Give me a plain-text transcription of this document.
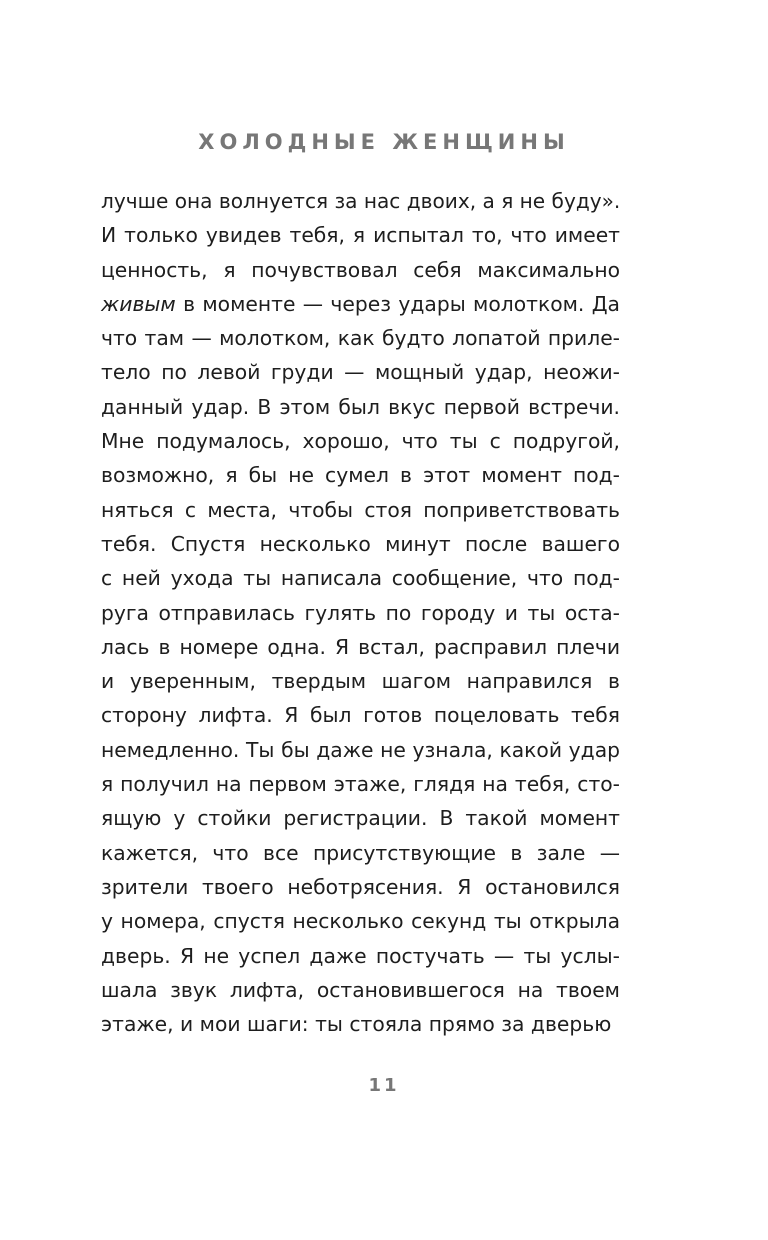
ХОЛОДНЫЕ ЖЕНЩИНЫ
лучше она волнуется за нас двоих, а я не буду».
И только увидев тебя, я испытал то, что имеет
ценность, я почувствовал себя максимально
живым в моменте — через удары молотком. Да
что там — молотком, как будто лопатой приле-
тело по левой груди — мощный удар, неожи-
данный удар. В этом был вкус первой встречи.
Мне подумалось, хорошо, что ты с подругой,
возможно, я бы не сумел в этот момент под-
няться с места, чтобы стоя поприветствовать
тебя. Спустя несколько минут после вашего
с ней ухода ты написала сообщение, что под-
руга отправилась гулять по городу и ты оста-
лась в номере одна. Я встал, расправил плечи
и уверенным, твердым шагом направился в
сторону лифта. Я был готов поцеловать тебя
немедленно. Ты бы даже не узнала, какой удар
я получил на первом этаже, глядя на тебя, сто-
ящую у стойки регистрации. В такой момент
кажется, что все присутствующие в зале —
зрители твоего неботрясения. Я остановился
у номера, спустя несколько секунд ты открыла
дверь. Я не успел даже постучать — ты услы-
шала звук лифта, остановившегося на твоем
этаже, и мои шаги: ты стояла прямо за дверью
11
